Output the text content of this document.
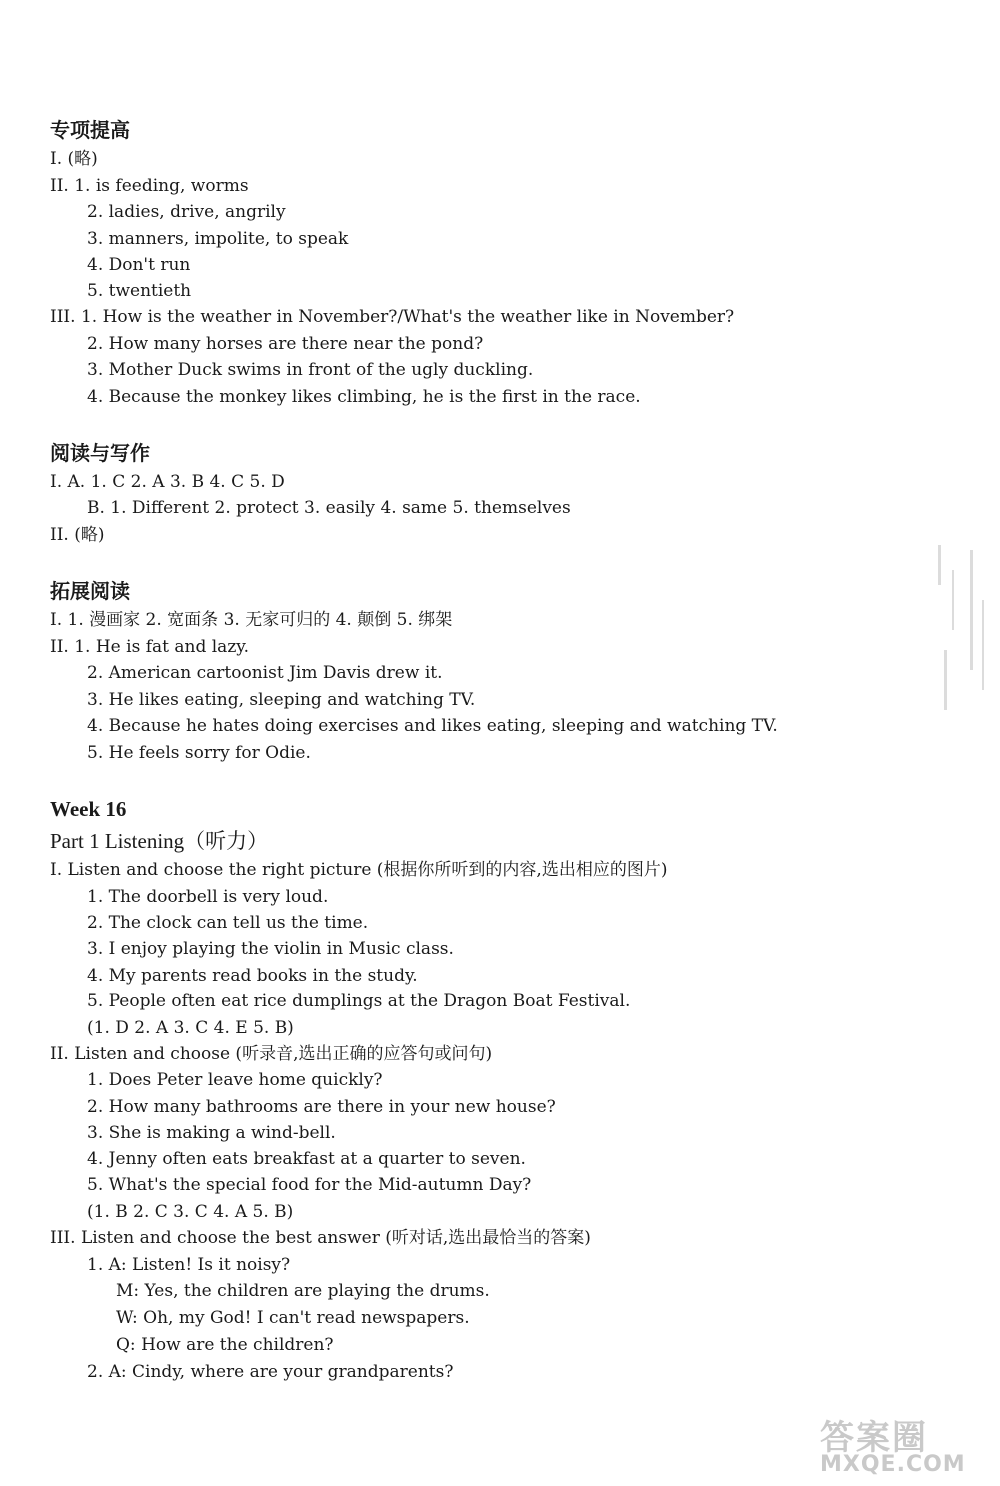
专项提高
I. (略)
II. 1. is feeding, worms
2. ladies, drive, angrily
3. manners, impolite, to speak
4. Don't run
5. twentieth
III. 1. How is the weather in November?/What's the weather like in November?
2. How many horses are there near the pond?
3. Mother Duck swims in front of the ugly duckling.
4. Because the monkey likes climbing, he is the first in the race.
阅读与写作
I. A. 1. C 2. A 3. B 4. C 5. D
B. 1. Different 2. protect 3. easily 4. same 5. themselves
II. (略)
拓展阅读
I. 1. 漫画家 2. 宽面条 3. 无家可归的 4. 颠倒 5. 绑架
II. 1. He is fat and lazy.
2. American cartoonist Jim Davis drew it.
3. He likes eating, sleeping and watching TV.
4. Because he hates doing exercises and likes eating, sleeping and watching TV.
5. He feels sorry for Odie.
Week 16
Part 1 Listening（听力）
I. Listen and choose the right picture (根据你所听到的内容,选出相应的图片)
1. The doorbell is very loud.
2. The clock can tell us the time.
3. I enjoy playing the violin in Music class.
4. My parents read books in the study.
5. People often eat rice dumplings at the Dragon Boat Festival.
(1. D 2. A 3. C 4. E 5. B)
II. Listen and choose (听录音,选出正确的应答句或问句)
1. Does Peter leave home quickly?
2. How many bathrooms are there in your new house?
3. She is making a wind-bell.
4. Jenny often eats breakfast at a quarter to seven.
5. What's the special food for the Mid-autumn Day?
(1. B 2. C 3. C 4. A 5. B)
III. Listen and choose the best answer (听对话,选出最恰当的答案)
1. A: Listen! Is it noisy?
M: Yes, the children are playing the drums.
W: Oh, my God! I can't read newspapers.
Q: How are the children?
2. A: Cindy, where are your grandparents?
答案圈
MXQE.COM
